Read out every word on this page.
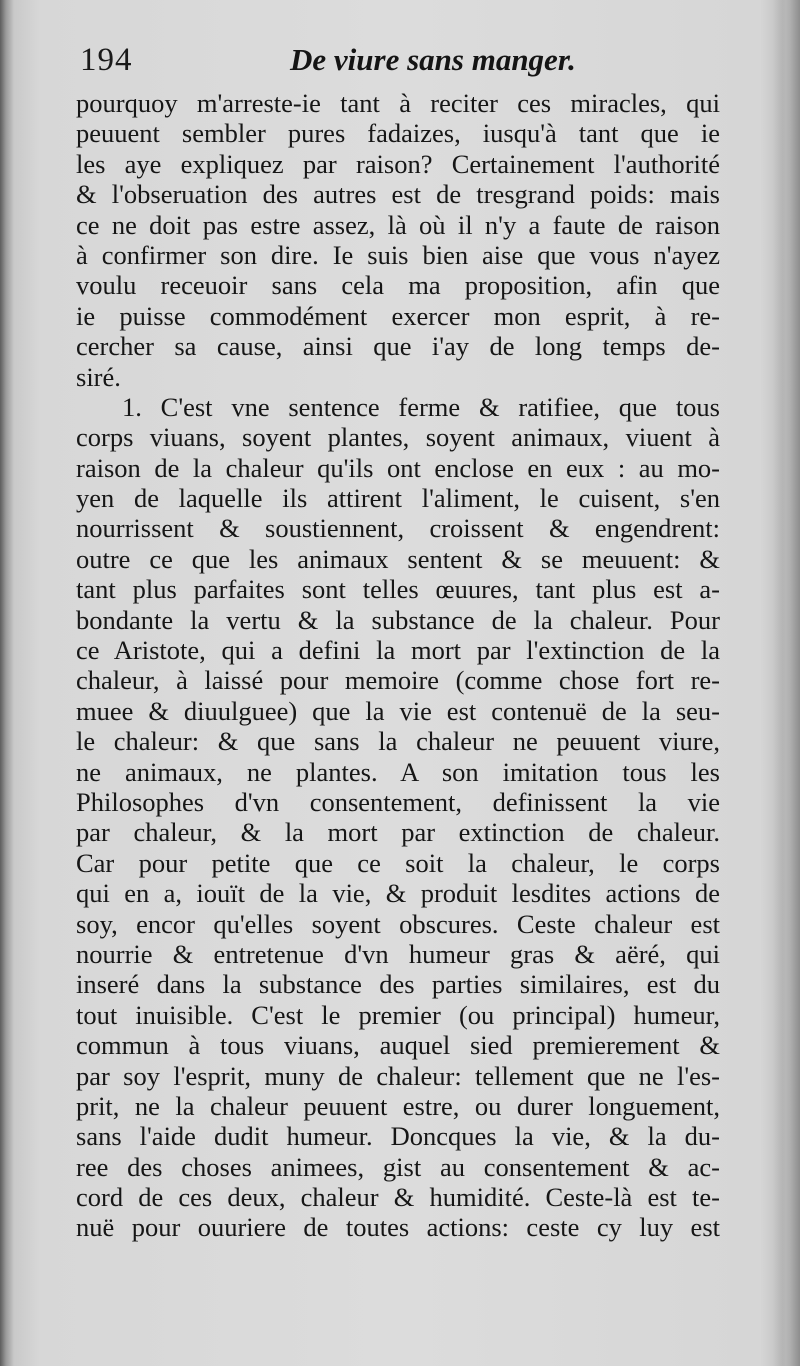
194	De viure sans manger.
pourquoy m'arreste-ie tant à reciter ces miracles, qui
peuuent sembler pures fadaizes, iusqu'à tant que ie
les aye expliquez par raison? Certainement l'authorité
& l'obseruation des autres est de tresgrand poids: mais
ce ne doit pas estre assez, là où il n'y a faute de raison
à confirmer son dire. Ie suis bien aise que vous n'ayez
voulu receuoir sans cela ma proposition, afin que
ie puisse commodément exercer mon esprit, à re-
cercher sa cause, ainsi que i'ay de long temps de-
siré.
1. C'est vne sentence ferme & ratifiee, que tous
corps viuans, soyent plantes, soyent animaux, viuent à
raison de la chaleur qu'ils ont enclose en eux : au mo-
yen de laquelle ils attirent l'aliment, le cuisent, s'en
nourrissent & soustiennent, croissent & engendrent:
outre ce que les animaux sentent & se meuuent: &
tant plus parfaites sont telles œuures, tant plus est a-
bondante la vertu & la substance de la chaleur. Pour
ce Aristote, qui a defini la mort par l'extinction de la
chaleur, à laissé pour memoire (comme chose fort re-
muee & diuulguee) que la vie est contenuë de la seu-
le chaleur: & que sans la chaleur ne peuuent viure,
ne animaux, ne plantes. A son imitation tous les
Philosophes d'vn consentement, definissent la vie
par chaleur, & la mort par extinction de chaleur.
Car pour petite que ce soit la chaleur, le corps
qui en a, iouït de la vie, & produit lesdites actions de
soy, encor qu'elles soyent obscures. Ceste chaleur est
nourrie & entretenue d'vn humeur gras & aëré, qui
inseré dans la substance des parties similaires, est du
tout inuisible. C'est le premier (ou principal) humeur,
commun à tous viuans, auquel sied premierement &
par soy l'esprit, muny de chaleur: tellement que ne l'es-
prit, ne la chaleur peuuent estre, ou durer longuement,
sans l'aide dudit humeur. Doncques la vie, & la du-
ree des choses animees, gist au consentement & ac-
cord de ces deux, chaleur & humidité. Ceste-là est te-
nuë pour ouuriere de toutes actions: ceste cy luy est
